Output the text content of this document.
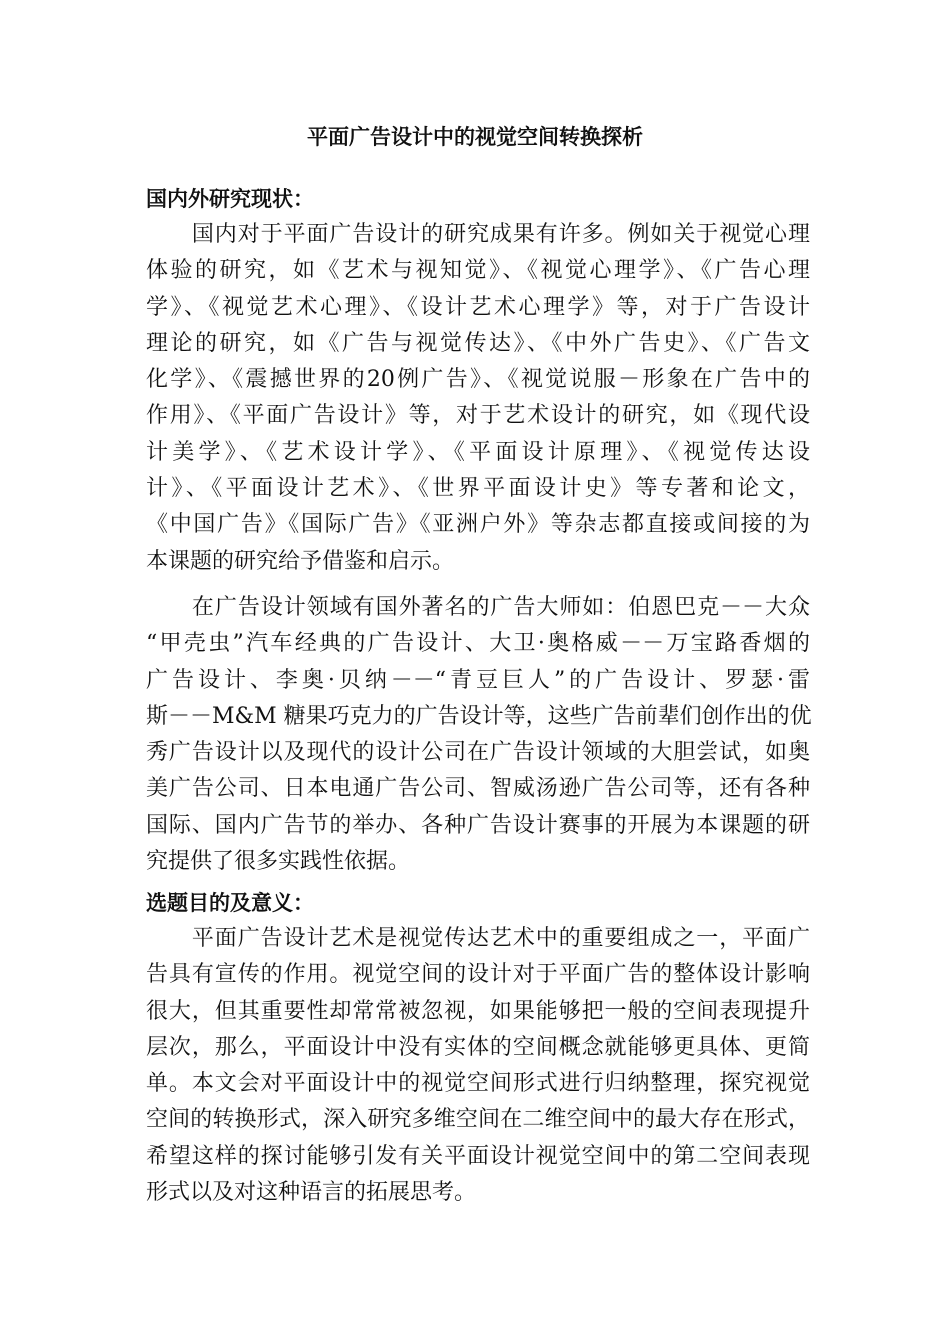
平面广告设计中的视觉空间转换探析
国内外研究现状：
　　国内对于平面广告设计的研究成果有许多。例如关于视觉心理
体验的研究，如《艺术与视知觉》、《视觉心理学》、《广告心理
学》、《视觉艺术心理》、《设计艺术心理学》等，对于广告设计
理论的研究，如《广告与视觉传达》、《中外广告史》、《广告文
化学》、《震撼世界的20例广告》、《视觉说服－形象在广告中的
作用》、《平面广告设计》等，对于艺术设计的研究，如《现代设
计美学》、《艺术设计学》、《平面设计原理》、《视觉传达设
计》、《平面设计艺术》、《世界平面设计史》等专著和论文，
《中国广告》《国际广告》《亚洲户外》等杂志都直接或间接的为
本课题的研究给予借鉴和启示。
　　在广告设计领域有国外著名的广告大师如：伯恩巴克－－大众
“甲壳虫”汽车经典的广告设计、大卫·奥格威－－万宝路香烟的
广告设计、李奥·贝纳－－“青豆巨人”的广告设计、罗瑟·雷
斯－－M&M 糖果巧克力的广告设计等，这些广告前辈们创作出的优
秀广告设计以及现代的设计公司在广告设计领域的大胆尝试，如奥
美广告公司、日本电通广告公司、智威汤逊广告公司等，还有各种
国际、国内广告节的举办、各种广告设计赛事的开展为本课题的研
究提供了很多实践性依据。
选题目的及意义：
　　平面广告设计艺术是视觉传达艺术中的重要组成之一，平面广
告具有宣传的作用。视觉空间的设计对于平面广告的整体设计影响
很大，但其重要性却常常被忽视，如果能够把一般的空间表现提升
层次，那么，平面设计中没有实体的空间概念就能够更具体、更简
单。本文会对平面设计中的视觉空间形式进行归纳整理，探究视觉
空间的转换形式，深入研究多维空间在二维空间中的最大存在形式，
希望这样的探讨能够引发有关平面设计视觉空间中的第二空间表现
形式以及对这种语言的拓展思考。
